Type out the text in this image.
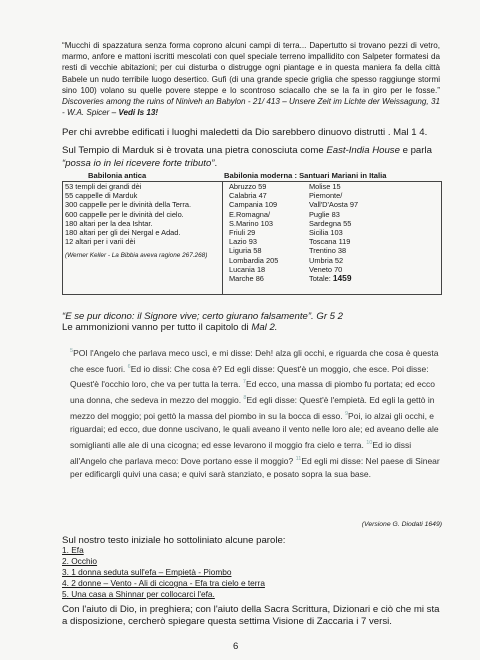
“Mucchi di spazzatura senza forma coprono alcuni campi di terra... Dapertutto si trovano pezzi di vetro, marmo, anfore e mattoni iscritti mescolati con quel speciale terreno impallidito con Salpeter formatesi da resti di vecchie abitazioni; per cui disturba o distrugge ogni piantage e in questa maniera fa della città Babele un nudo terribile luogo desertico. Gufi (di una grande specie griglia che spesso raggiunge stormi sino 100) volano su quelle povere steppe e lo scontroso sciacallo che se la fa in giro per le fosse.” Discoveries among the ruins of Niniveh an Babylon - 21/ 413 – Unsere Zeit im Lichte der Weissagung, 31 - W.A. Spicer – Vedi Is 13!
Per chi avrebbe edificati i luoghi maledetti da Dio sarebbero dinuovo distrutti . Mal 1 4.
Sul Tempio di Marduk si è trovata una pietra conosciuta come East-India House e parla “possa io in lei ricevere forte tributo”.
Babilonia antica	Babilonia moderna : Santuari Mariani in Italia
53 templi dei grandi dèi
55 cappelle di Marduk
300 cappelle per le divinità della Terra.
600 cappelle per le divinità del cielo.
180 altari per la dea Ishtar.
180 altari per gli dei Nergal e Adad.
12 altari per i varii dèi
(Werner Keller - La Bibbia aveva ragione 267.268)
Abruzzo 59
Calabria 47
Campania 109
E.Romagna/
S.Marino 103
Friuli 29
Lazio 93
Liguria 58
Lombardia 205
Lucania 18
Marche 86
Molise 15
Piemonte/
Vall'D'Aosta 97
Puglie 83
Sardegna 55
Sicilia 103
Toscana 119
Trentino 38
Umbria 52
Veneto 70
Totale: 1459
“E se pur dicono: il Signore vive; certo giurano falsamente”. Gr 5 2
Le ammonizioni vanno per tutto il capitolo di Mal 2.
$^5$POI l'Angelo che parlava meco uscì, e mi disse: Deh! alza gli occhi, e riguarda che cosa è questa che esce fuori. $^6$Ed io dissi: Che cosa è? Ed egli disse: Quest'è un moggio, che esce. Poi disse: Quest'è l'occhio loro, che va per tutta la terra. $^7$Ed ecco, una massa di piombo fu portata; ed ecco una donna, che sedeva in mezzo del moggio. $^8$Ed egli disse: Quest'è l'empietà. Ed egli la gettò in mezzo del moggio; poi gettò la massa del piombo in su la bocca di esso. $^9$Poi, io alzai gli occhi, e riguardai; ed ecco, due donne uscivano, le quali aveano il vento nelle loro ale; ed aveano delle ale somiglianti alle ale di una cicogna; ed esse levarono il moggio fra cielo e terra. $^{10}$Ed io dissi all'Angelo che parlava meco: Dove portano esse il moggio? $^{11}$Ed egli mi disse: Nel paese di Sinear per edificargli quivi una casa; e quivi sarà stanziato, e posato sopra la sua base.
(Versione G. Diodati 1649)
Sul nostro testo iniziale ho sottoliniato alcune parole:
1. Efa
2. Occhio
3. 1 donna seduta sull'efa – Empietà - Piombo
4. 2 donne – Vento - Ali di cicogna - Efa tra cielo e terra
5. Una casa a Shinnar per collocarci l'efa.
Con l'aiuto di Dio, in preghiera; con l'aiuto della Sacra Scrittura, Dizionari e ciò che mi sta a disposizione, cercherò spiegare questa settima Visione di Zaccaria i 7 versi.
6
